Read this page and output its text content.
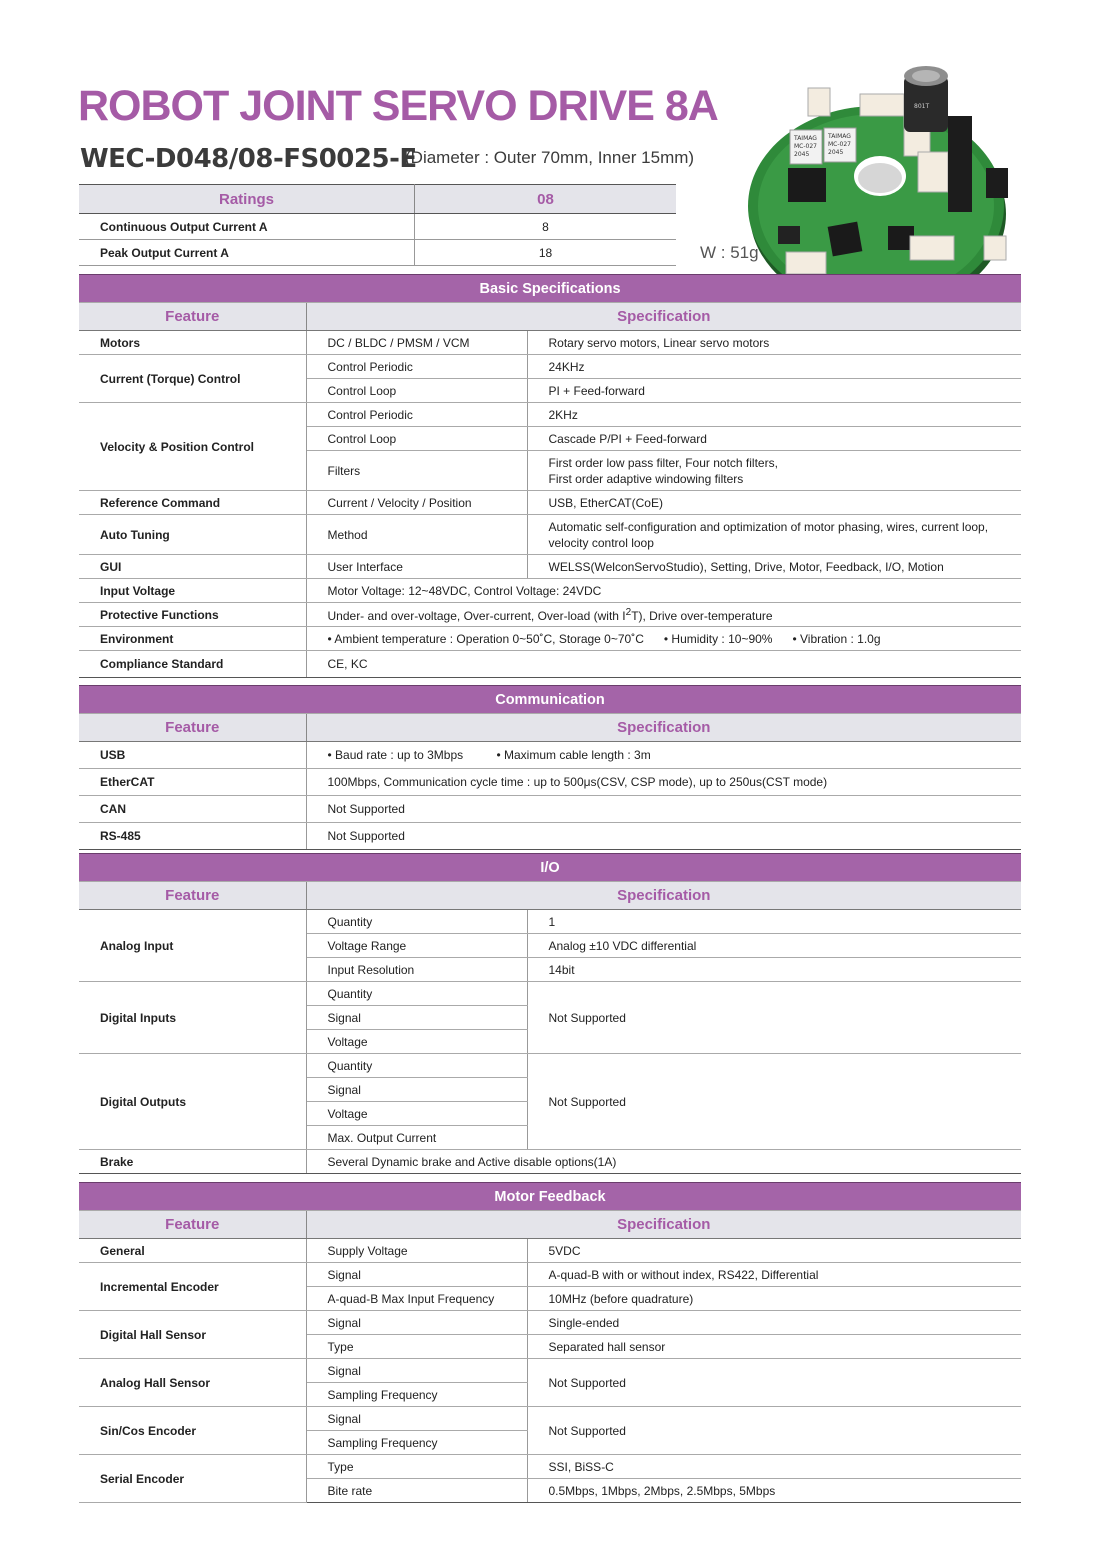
ROBOT JOINT SERVO DRIVE 8A
WEC-D048/08-FS0025-E
(Diameter : Outer 70mm, Inner 15mm)
W : 51g
Ratings	08
Continuous Output Current A	8
Peak Output Current A	18
TAIMAG
MC-027
2045
TAIMAG
MC-027
2045
801T
Basic Specifications		
Feature	Specification	
Motors	DC / BLDC / PMSM / VCM	Rotary servo motors, Linear servo motors
Current (Torque) Control	Control Periodic	24KHz
	Control Loop	PI + Feed-forward
Velocity & Position Control	Control Periodic	2KHz
	Control Loop	Cascade P/PI + Feed-forward
	Filters	First order low pass filter, Four notch filters,
First order adaptive windowing filters
Reference Command	Current / Velocity / Position	USB, EtherCAT(CoE)
Auto Tuning	Method	Automatic self-configuration and optimization of motor phasing, wires, current loop,
velocity control loop
GUI	User Interface	WELSS(WelconServoStudio), Setting, Drive, Motor, Feedback, I/O, Motion
Input Voltage	Motor Voltage: 12~48VDC, Control Voltage: 24VDC	
Protective Functions	Under- and over-voltage, Over-current, Over-load (with $I^2T$), Drive over-temperature	
Environment	• Ambient temperature : Operation 0~50˚C, Storage 0~70˚C      • Humidity : 10~90%      • Vibration : 1.0g	
Compliance Standard	CE, KC	
Communication	
Feature	Specification
USB	• Baud rate : up to 3Mbps          • Maximum cable length : 3m
EtherCAT	100Mbps, Communication cycle time : up to 500μs(CSV, CSP mode), up to 250us(CST mode)
CAN	Not Supported
RS-485	Not Supported
I/O		
Feature	Specification	
Analog Input	Quantity	1
	Voltage Range	Analog ±10 VDC differential
	Input Resolution	14bit
Digital Inputs	Quantity	Not Supported
	Signal	
	Voltage	
Digital Outputs	Quantity	Not Supported
	Signal	
	Voltage	
	Max. Output Current	
Brake	Several Dynamic brake and Active disable options(1A)	
Motor Feedback		
Feature	Specification	
General	Supply Voltage	5VDC
Incremental Encoder	Signal	A-quad-B with or without index, RS422, Differential
	A-quad-B Max Input Frequency	10MHz (before quadrature)
Digital Hall Sensor	Signal	Single-ended
	Type	Separated hall sensor
Analog Hall Sensor	Signal	Not Supported
	Sampling Frequency	
Sin/Cos Encoder	Signal	Not Supported
	Sampling Frequency	
Serial Encoder	Type	SSI, BiSS-C
	Bite rate	0.5Mbps, 1Mbps, 2Mbps, 2.5Mbps, 5Mbps
